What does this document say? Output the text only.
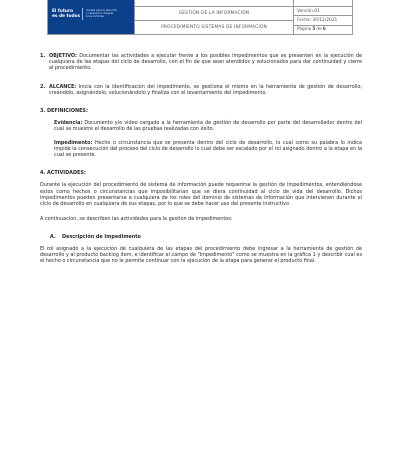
El futuro
es de todos
Unidad para la atención
y reparación integral
a las víctimas
GESTIÓN DE LA INFORMACIÓN
PROCEDIMIENTO SISTEMAS DE INFORMACIÓN
Versión:01
Fecha: 30/12/2021
Página 5 de 6
1. OBJETIVO: Documentar las actividades a ejecutar frente a los posibles impedimentos que se presenten en la ejecución de cualquiera de las etapas del ciclo de desarrollo, con el fin de que sean atendidos y solucionados para dar continuidad y cierre al procedimiento.

2. ALCANCE: Inicia con la identificación del impedimento, se gestiona el mismo en la herramienta de gestión de desarrollo, creándolo, asignándolo, solucionándolo y finaliza con el levantamiento del impedimento.

3. DEFINICIONES:

Evidencia: Documento y/o video cargado a la herramienta de gestión de desarrollo por parte del desarrollador dentro del cual se muestre el desarrollo de las pruebas realizadas con éxito.

Impedimento: Hecho o circunstancia que se presenta dentro del ciclo de desarrollo, lo cual como su palabra lo indica impide la consecución del proceso del ciclo de desarrollo lo cual debe ser escalado por el rol asignado dentro a la etapa en la cual se presente.

4. ACTIVIDADES:

Durante la ejecución del procedimiento de sistema de información puede requerirse la gestión de impedimentos, entendiéndose estos como hechos o circunstancias que imposibilitarían que se diera continuidad al ciclo de vida del desarrollo. Dichos impedimentos pueden presentarse a cualquiera de los roles del dominio de sistemas de información que intervienen durante el ciclo de desarrollo en cualquiera de sus etapas, por lo que se debe hacer uso del presente instructivo

A continuación, se describen las actividades para la gestión de impedimentos:

A.	Descripción de Impedimento

El rol asignado a la ejecución de cualquiera de las etapas del procedimiento debe ingresar a la herramienta de gestión de desarrollo y al producto backlog item, e identificar el campo de "Impedimento" como se muestra en la gráfica 1 y describir cual es el hecho o circunstancia que no le permite continuar con la ejecución de la etapa para generar el producto final.
